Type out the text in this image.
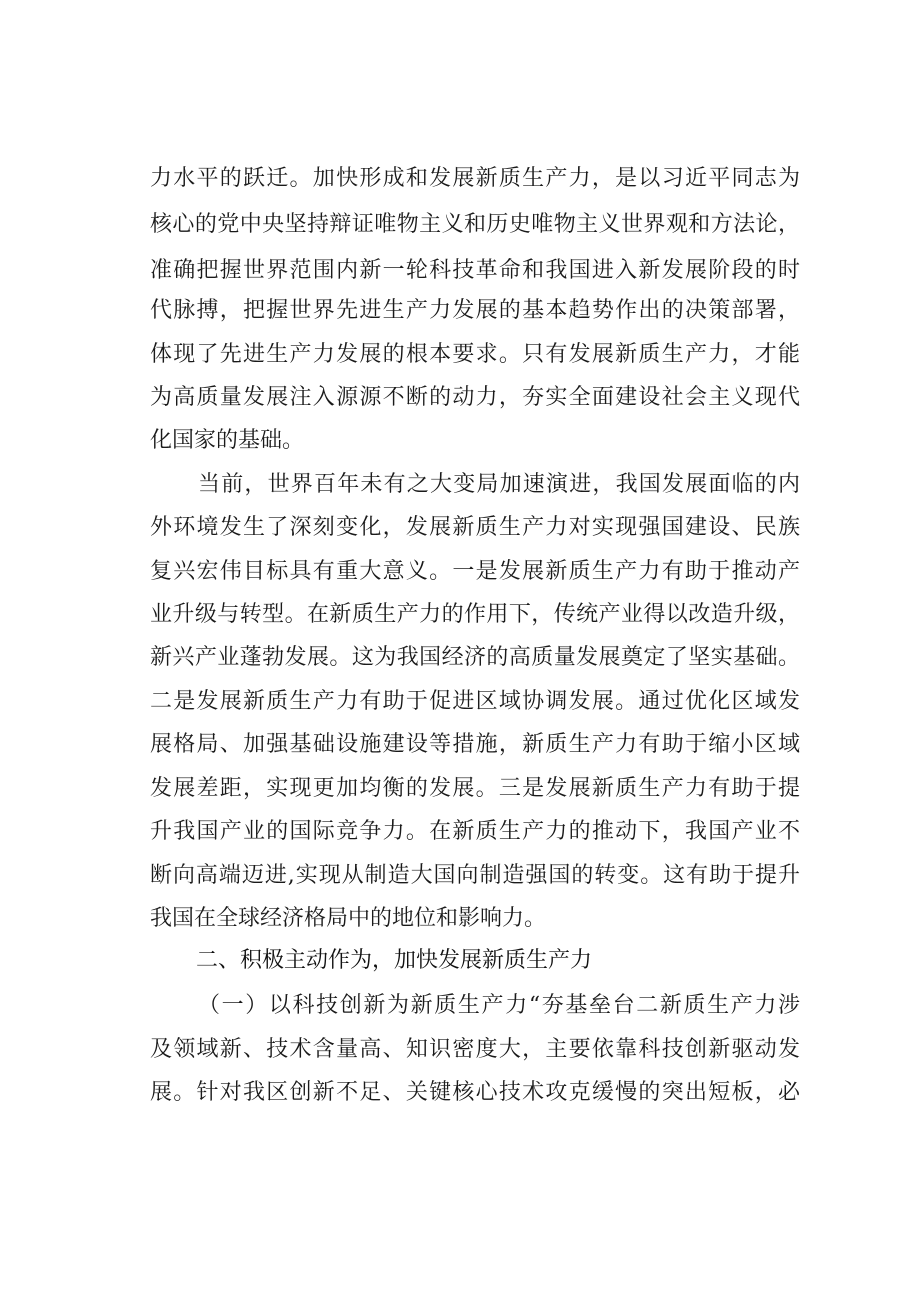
力水平的跃迁。加快形成和发展新质生产力，是以习近平同志为
核心的党中央坚持辩证唯物主义和历史唯物主义世界观和方法论，
准确把握世界范围内新一轮科技革命和我国进入新发展阶段的时
代脉搏，把握世界先进生产力发展的基本趋势作出的决策部署，
体现了先进生产力发展的根本要求。只有发展新质生产力，才能
为高质量发展注入源源不断的动力，夯实全面建设社会主义现代
化国家的基础。
当前，世界百年未有之大变局加速演进，我国发展面临的内
外环境发生了深刻变化，发展新质生产力对实现强国建设、民族
复兴宏伟目标具有重大意义。一是发展新质生产力有助于推动产
业升级与转型。在新质生产力的作用下，传统产业得以改造升级，
新兴产业蓬勃发展。这为我国经济的高质量发展奠定了坚实基础。
二是发展新质生产力有助于促进区域协调发展。通过优化区域发
展格局、加强基础设施建设等措施，新质生产力有助于缩小区域
发展差距，实现更加均衡的发展。三是发展新质生产力有助于提
升我国产业的国际竞争力。在新质生产力的推动下，我国产业不
断向高端迈进,实现从制造大国向制造强国的转变。这有助于提升
我国在全球经济格局中的地位和影响力。
二、积极主动作为，加快发展新质生产力
（一）以科技创新为新质生产力“夯基垒台二新质生产力涉
及领域新、技术含量高、知识密度大，主要依靠科技创新驱动发
展。针对我区创新不足、关键核心技术攻克缓慢的突出短板，必
